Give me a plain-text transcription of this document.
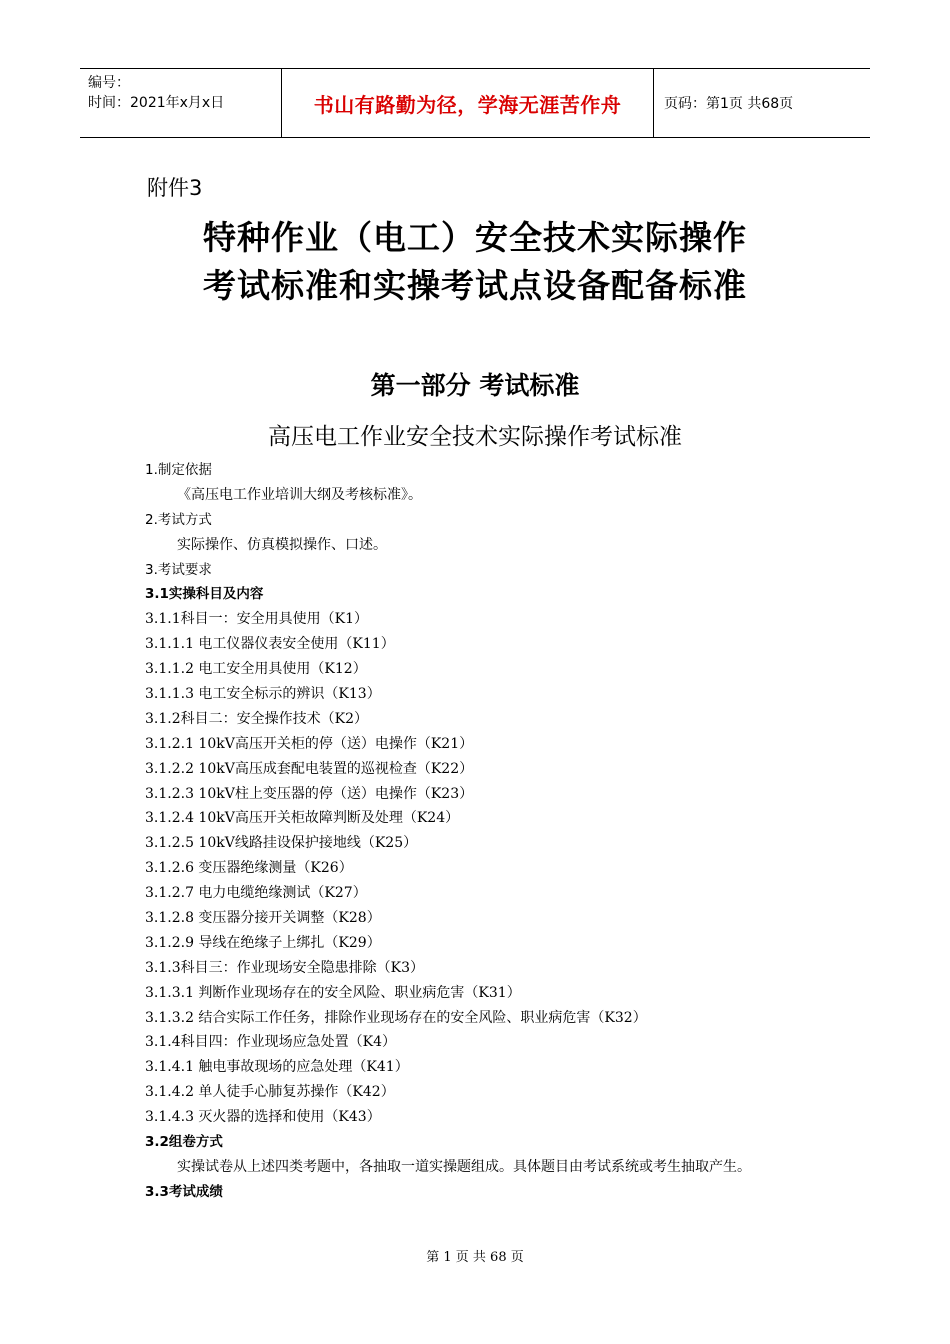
编号：
时间：2021年x月x日	书山有路勤为径，学海无涯苦作舟	页码：第1页 共68页
附件3
特种作业（电工）安全技术实际操作
考试标准和实操考试点设备配备标准
第一部分 考试标准
高压电工作业安全技术实际操作考试标准
1.制定依据
《高压电工作业培训大纲及考核标准》。
2.考试方式
实际操作、仿真模拟操作、口述。
3.考试要求
3.1实操科目及内容
3.1.1科目一：安全用具使用（K1）
3.1.1.1 电工仪器仪表安全使用（K11）
3.1.1.2 电工安全用具使用（K12）
3.1.1.3 电工安全标示的辨识（K13）
3.1.2科目二：安全操作技术（K2）
3.1.2.1 10kV高压开关柜的停（送）电操作（K21）
3.1.2.2 10kV高压成套配电装置的巡视检查（K22）
3.1.2.3 10kV柱上变压器的停（送）电操作（K23）
3.1.2.4 10kV高压开关柜故障判断及处理（K24）
3.1.2.5 10kV线路挂设保护接地线（K25）
3.1.2.6 变压器绝缘测量（K26）
3.1.2.7 电力电缆绝缘测试（K27）
3.1.2.8 变压器分接开关调整（K28）
3.1.2.9 导线在绝缘子上绑扎（K29）
3.1.3科目三：作业现场安全隐患排除（K3）
3.1.3.1 判断作业现场存在的安全风险、职业病危害（K31）
3.1.3.2 结合实际工作任务，排除作业现场存在的安全风险、职业病危害（K32）
3.1.4科目四：作业现场应急处置（K4）
3.1.4.1 触电事故现场的应急处理（K41）
3.1.4.2 单人徒手心肺复苏操作（K42）
3.1.4.3 灭火器的选择和使用（K43）
3.2组卷方式
实操试卷从上述四类考题中，各抽取一道实操题组成。具体题目由考试系统或考生抽取产生。
3.3考试成绩
第 1 页 共 68 页
